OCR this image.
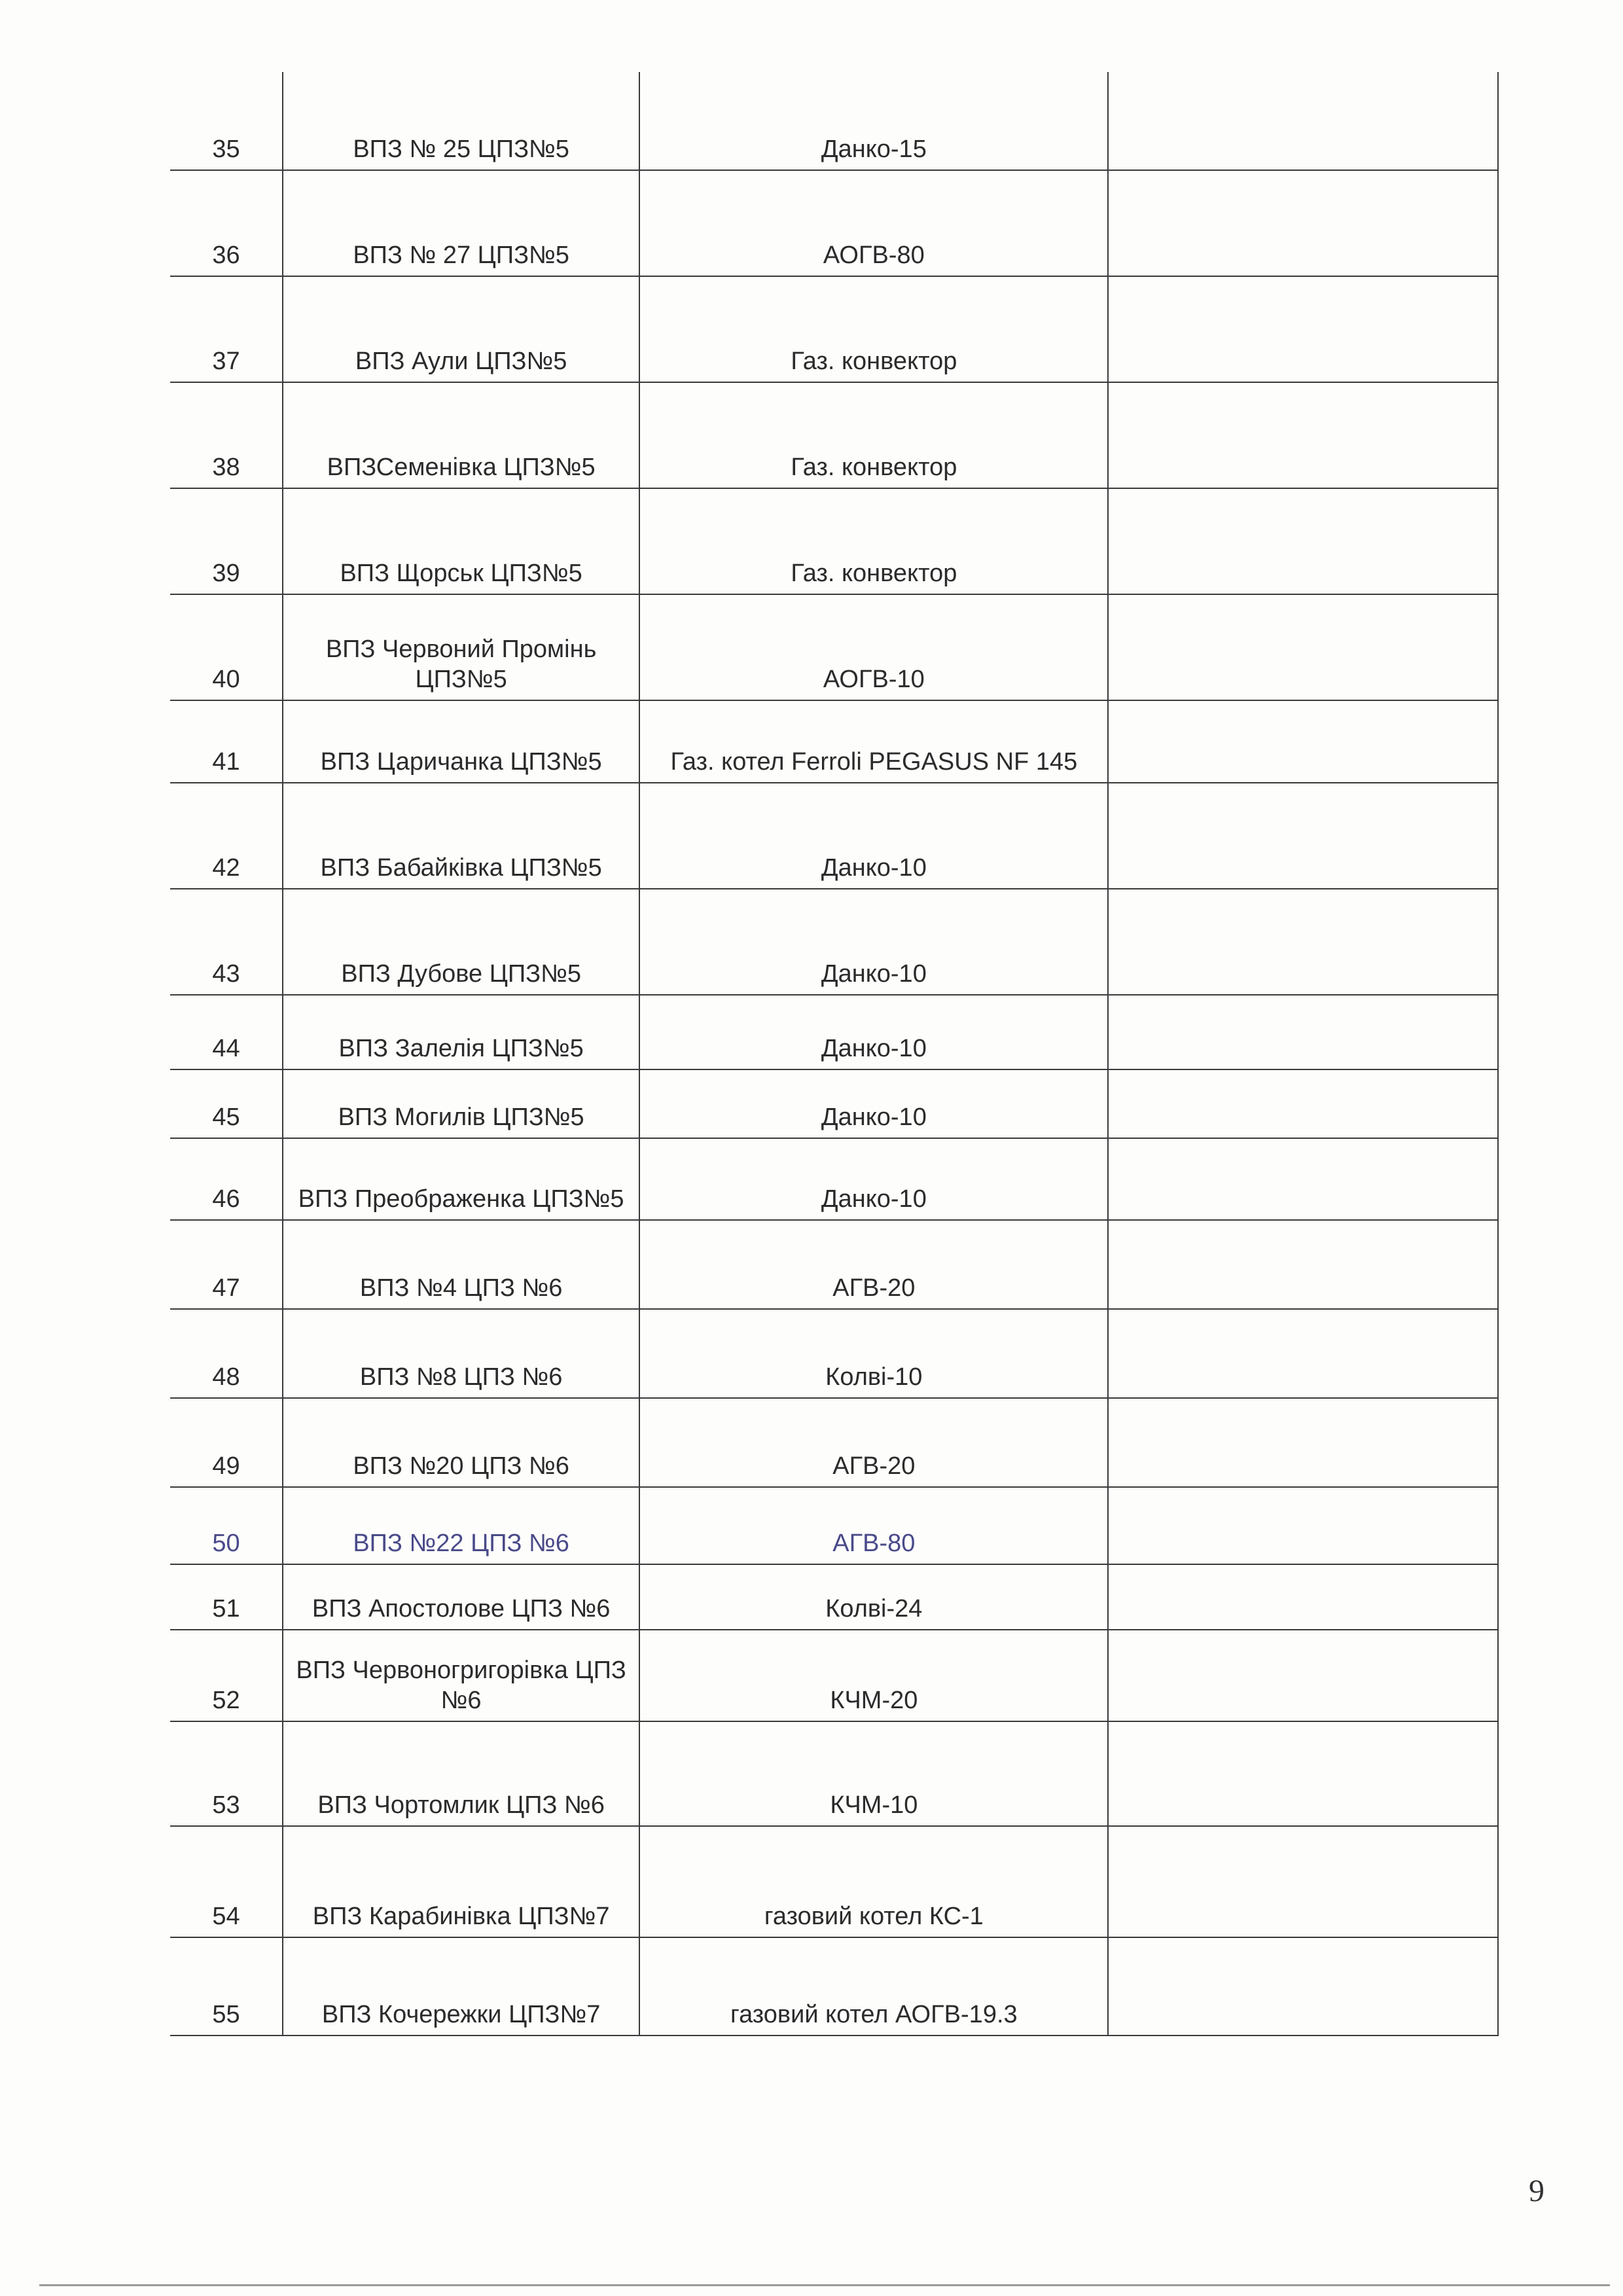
35	ВПЗ № 25 ЦПЗ№5	Данко-15	
36	ВПЗ № 27 ЦПЗ№5	АОГВ-80	
37	ВПЗ Аули ЦПЗ№5	Газ. конвектор	
38	ВПЗСеменівка ЦПЗ№5	Газ. конвектор	
39	ВПЗ Щорськ ЦПЗ№5	Газ. конвектор	
40	ВПЗ Червоний Промінь ЦПЗ№5	АОГВ-10	
41	ВПЗ Царичанка ЦПЗ№5	Газ. котел Ferroli PEGASUS NF 145	
42	ВПЗ Бабайківка ЦПЗ№5	Данко-10	
43	ВПЗ Дубове ЦПЗ№5	Данко-10	
44	ВПЗ Залелія ЦПЗ№5	Данко-10	
45	ВПЗ Могилів ЦПЗ№5	Данко-10	
46	ВПЗ Преображенка ЦПЗ№5	Данко-10	
47	ВПЗ №4 ЦПЗ №6	АГВ-20	
48	ВПЗ №8 ЦПЗ №6	Колві-10	
49	ВПЗ №20 ЦПЗ №6	АГВ-20	
50	ВПЗ №22 ЦПЗ №6	АГВ-80	
51	ВПЗ Апостолове ЦПЗ №6	Колві-24	
52	ВПЗ Червоногригорівка ЦПЗ №6	КЧМ-20	
53	ВПЗ Чортомлик ЦПЗ №6	КЧМ-10	
54	ВПЗ Карабинівка ЦПЗ№7	газовий котел КС-1	
55	ВПЗ Кочережки ЦПЗ№7	газовий котел АОГВ-19.3	
9
